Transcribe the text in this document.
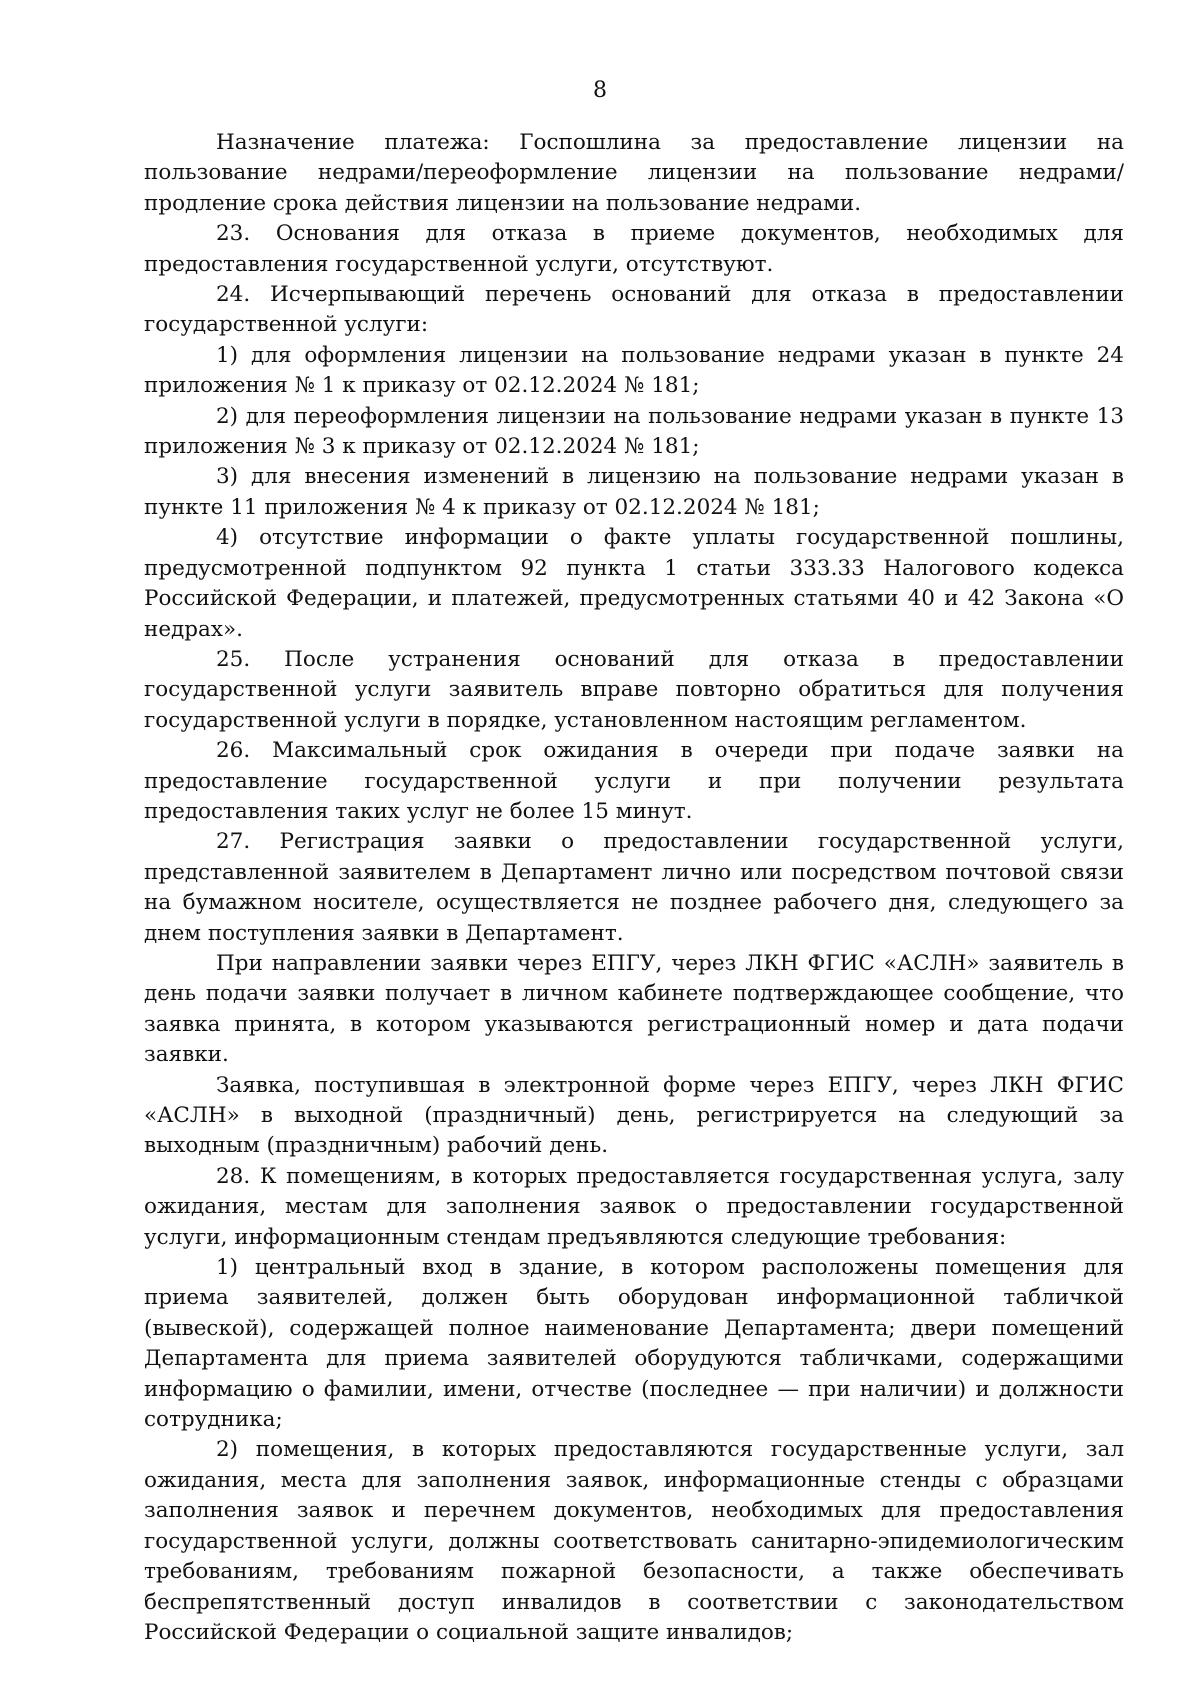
8

Назначение платежа: Госпошлина за предоставление лицензии на пользование недрами/переоформление лицензии на пользование недрами/продление срока действия лицензии на пользование недрами.

23. Основания для отказа в приеме документов, необходимых для предоставления государственной услуги, отсутствуют.

24. Исчерпывающий перечень оснований для отказа в предоставлении государственной услуги:

1) для оформления лицензии на пользование недрами указан в пункте 24 приложения № 1 к приказу от 02.12.2024 № 181;

2) для переоформления лицензии на пользование недрами указан в пункте 13 приложения № 3 к приказу от 02.12.2024 № 181;

3) для внесения изменений в лицензию на пользование недрами указан в пункте 11 приложения № 4 к приказу от 02.12.2024 № 181;

4) отсутствие информации о факте уплаты государственной пошлины, предусмотренной подпунктом 92 пункта 1 статьи 333.33 Налогового кодекса Российской Федерации, и платежей, предусмотренных статьями 40 и 42 Закона «О недрах».

25. После устранения оснований для отказа в предоставлении государственной услуги заявитель вправе повторно обратиться для получения государственной услуги в порядке, установленном настоящим регламентом.

26. Максимальный срок ожидания в очереди при подаче заявки на предоставление государственной услуги и при получении результата предоставления таких услуг не более 15 минут.

27. Регистрация заявки о предоставлении государственной услуги, представленной заявителем в Департамент лично или посредством почтовой связи на бумажном носителе, осуществляется не позднее рабочего дня, следующего за днем поступления заявки в Департамент.

При направлении заявки через ЕПГУ, через ЛКН ФГИС «АСЛН» заявитель в день подачи заявки получает в личном кабинете подтверждающее сообщение, что заявка принята, в котором указываются регистрационный номер и дата подачи заявки.

Заявка, поступившая в электронной форме через ЕПГУ, через ЛКН ФГИС «АСЛН» в выходной (праздничный) день, регистрируется на следующий за выходным (праздничным) рабочий день.

28. К помещениям, в которых предоставляется государственная услуга, залу ожидания, местам для заполнения заявок о предоставлении государственной услуги, информационным стендам предъявляются следующие требования:

1) центральный вход в здание, в котором расположены помещения для приема заявителей, должен быть оборудован информационной табличкой (вывеской), содержащей полное наименование Департамента; двери помещений Департамента для приема заявителей оборудуются табличками, содержащими информацию о фамилии, имени, отчестве (последнее — при наличии) и должности сотрудника;

2) помещения, в которых предоставляются государственные услуги, зал ожидания, места для заполнения заявок, информационные стенды с образцами заполнения заявок и перечнем документов, необходимых для предоставления государственной услуги, должны соответствовать санитарно-эпидемиологическим требованиям, требованиям пожарной безопасности, а также обеспечивать беспрепятственный доступ инвалидов в соответствии с законодательством Российской Федерации о социальной защите инвалидов;
